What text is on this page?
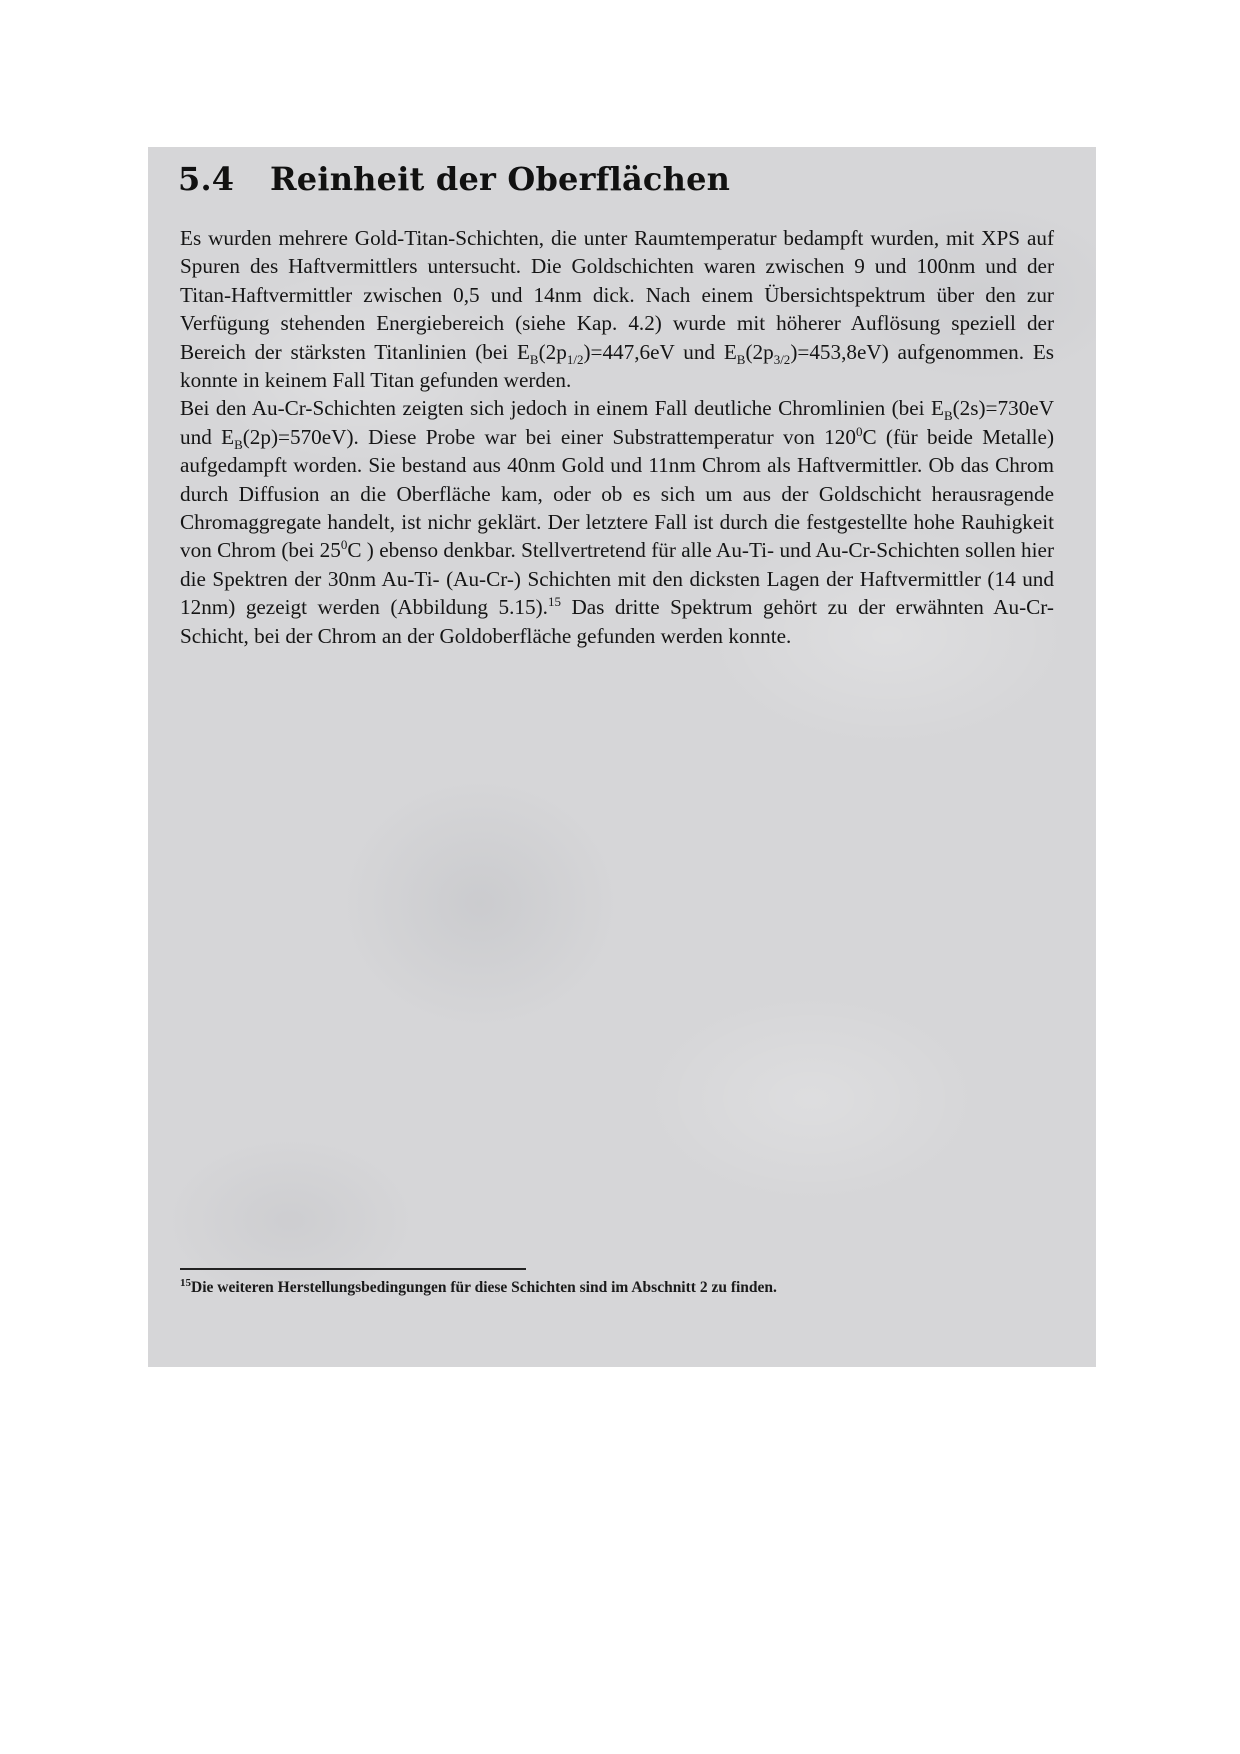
5.4 Reinheit der Oberflächen

Es wurden mehrere Gold-Titan-Schichten, die unter Raumtemperatur bedampft wurden, mit XPS auf Spuren des Haftvermittlers untersucht. Die Goldschichten waren zwischen 9 und 100nm und der Titan-Haftvermittler zwischen 0,5 und 14nm dick. Nach einem Übersichtspektrum über den zur Verfügung stehenden Energiebereich (siehe Kap. 4.2) wurde mit höherer Auflösung speziell der Bereich der stärksten Titanlinien (bei $E_B(2p_{1/2})=447,6eV$ und $E_B(2p_{3/2})=453,8eV$) aufgenommen. Es konnte in keinem Fall Titan gefunden werden.

Bei den Au-Cr-Schichten zeigten sich jedoch in einem Fall deutliche Chromlinien (bei $E_B(2s)=730eV$ und $E_B(2p)=570eV$). Diese Probe war bei einer Substrattemperatur von $120^0C$ (für beide Metalle) aufgedampft worden. Sie bestand aus 40nm Gold und 11nm Chrom als Haftvermittler. Ob das Chrom durch Diffusion an die Oberfläche kam, oder ob es sich um aus der Goldschicht herausragende Chromaggregate handelt, ist nichr geklärt. Der letztere Fall ist durch die festgestellte hohe Rauhigkeit von Chrom (bei $25^0C$ ) ebenso denkbar. Stellvertretend für alle Au-Ti- und Au-Cr-Schichten sollen hier die Spektren der 30nm Au-Ti- (Au-Cr-) Schichten mit den dicksten Lagen der Haftvermittler (14 und 12nm) gezeigt werden (Abbildung 5.15).$^{15}$ Das dritte Spektrum gehört zu der erwähnten Au-Cr-Schicht, bei der Chrom an der Goldoberfläche gefunden werden konnte.

$^{15}$Die weiteren Herstellungsbedingungen für diese Schichten sind im Abschnitt 2 zu finden.
